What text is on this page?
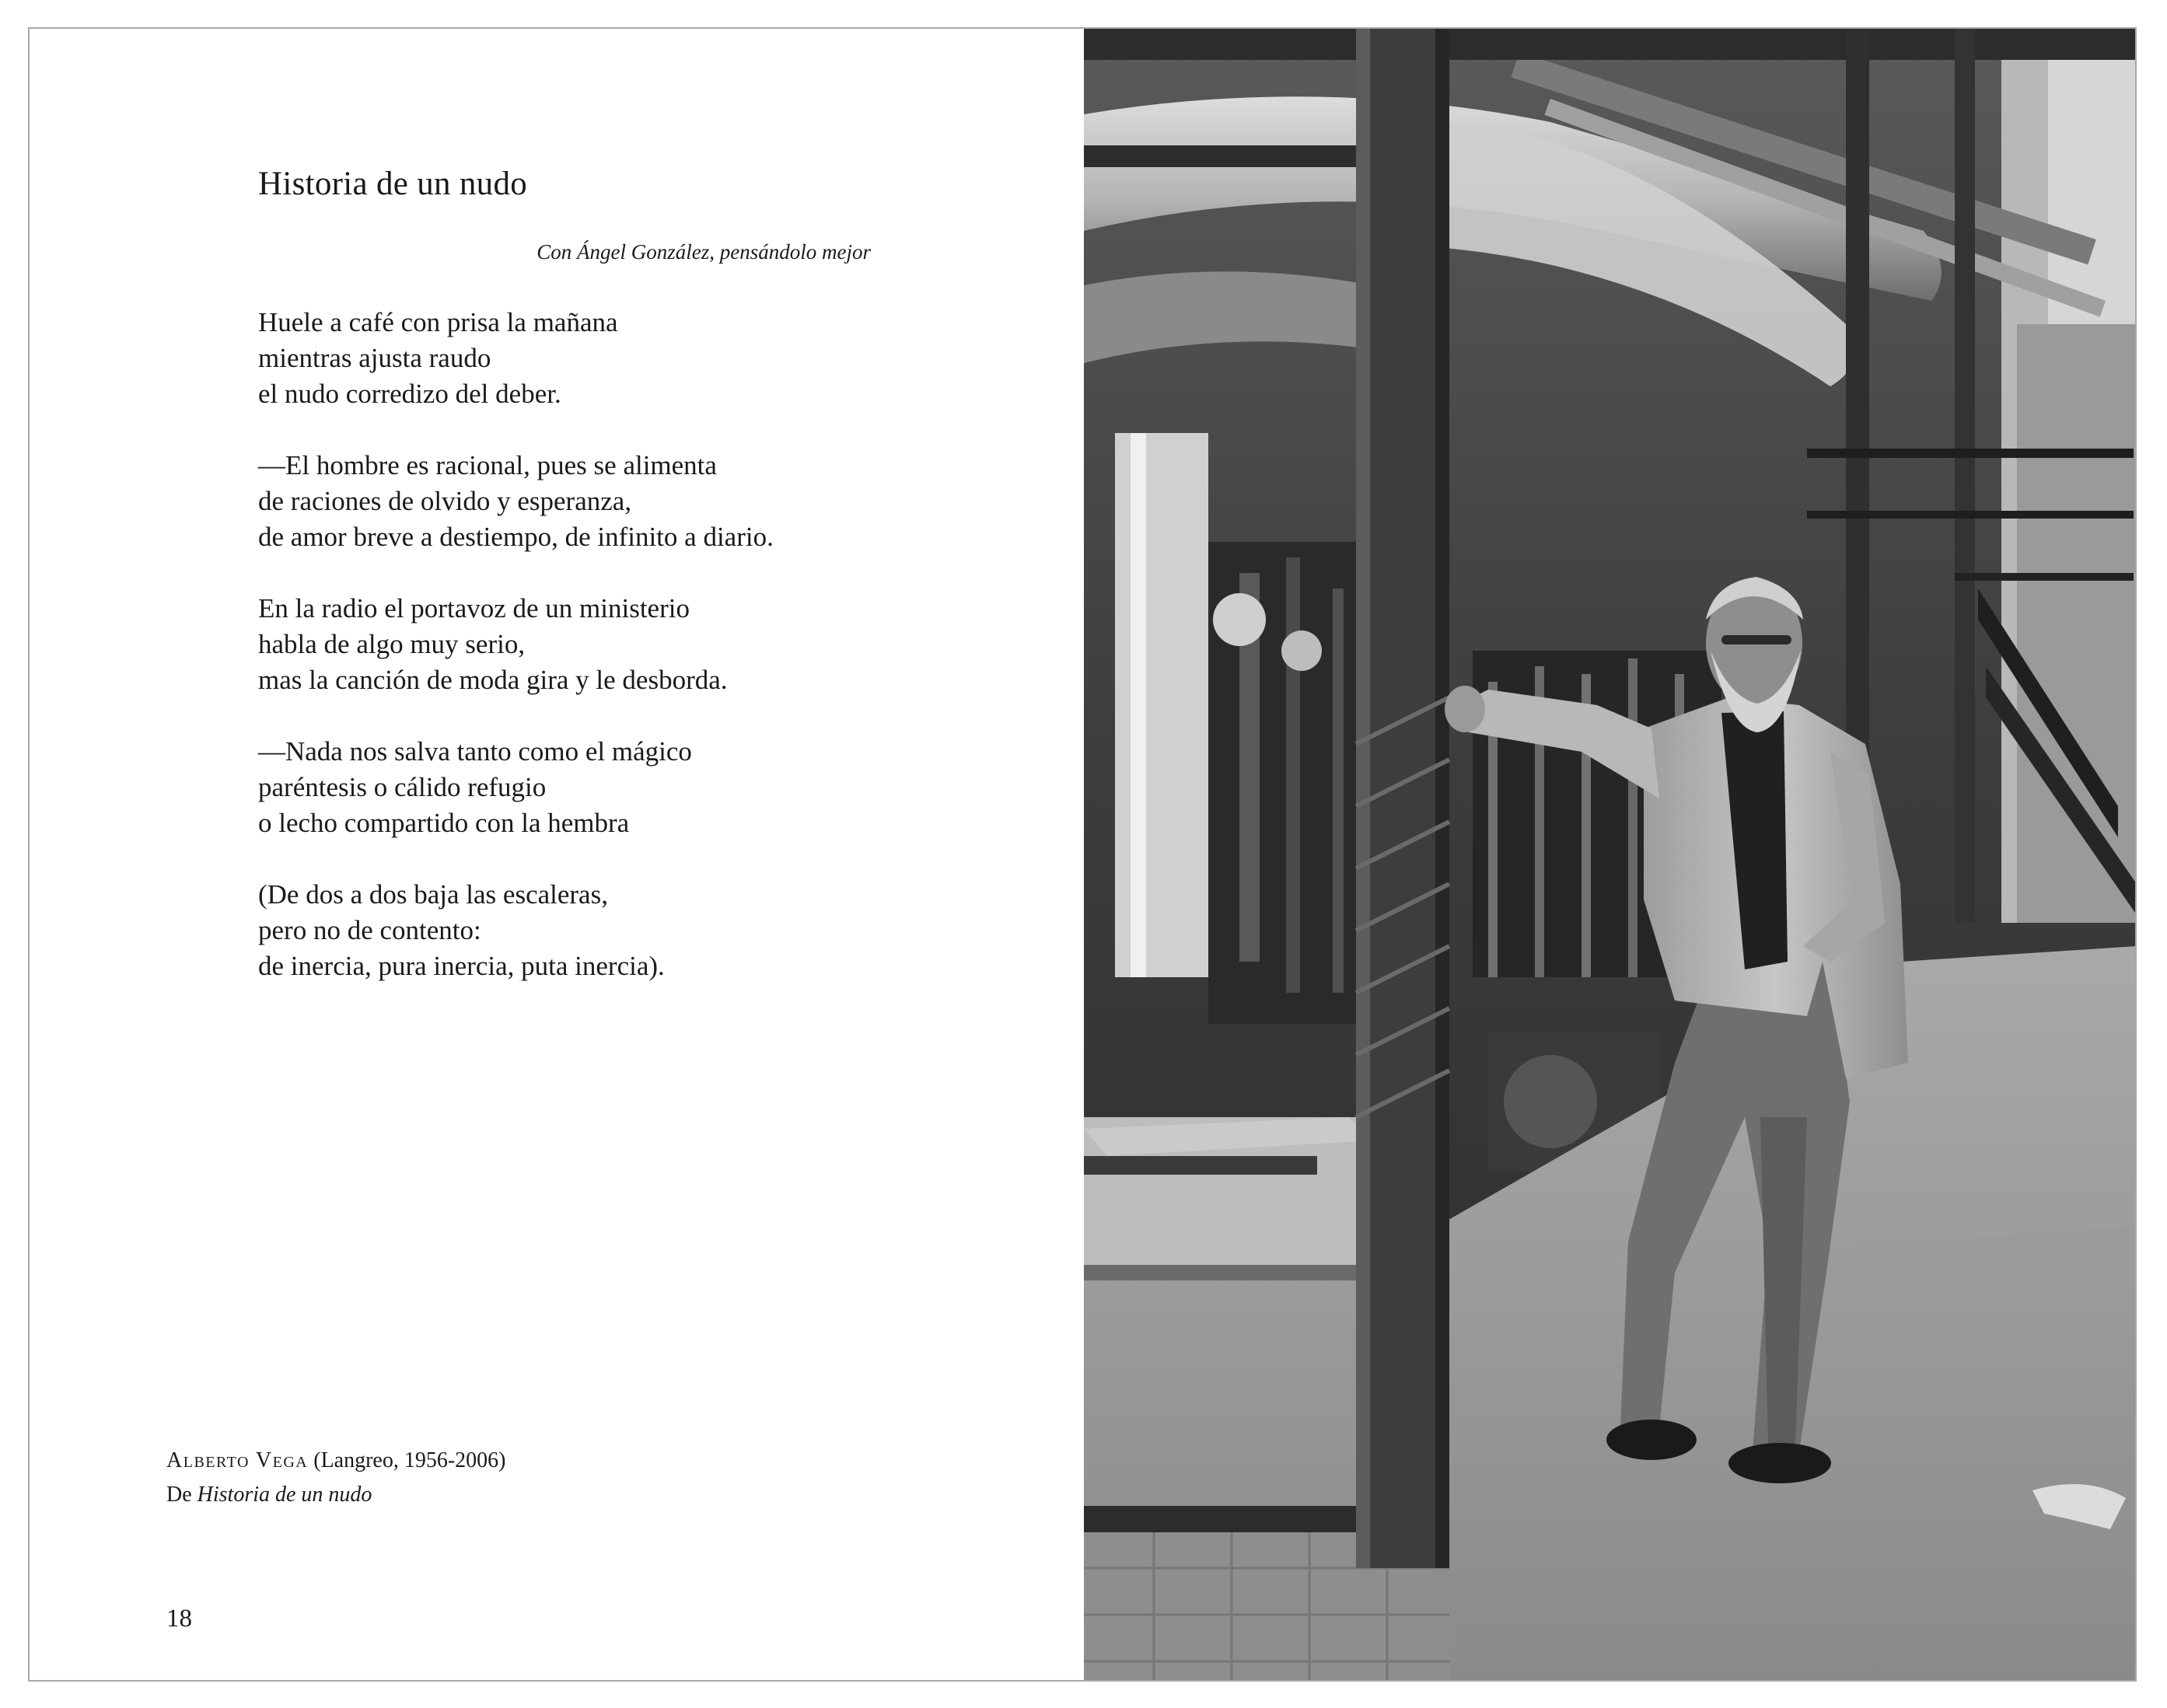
Historia de un nudo
Con Ángel González, pensándolo mejor
Huele a café con prisa la mañana
mientras ajusta raudo
el nudo corredizo del deber.
—El hombre es racional, pues se alimenta
de raciones de olvido y esperanza,
de amor breve a destiempo, de infinito a diario.
En la radio el portavoz de un ministerio
habla de algo muy serio,
mas la canción de moda gira y le desborda.
—Nada nos salva tanto como el mágico
paréntesis o cálido refugio
o lecho compartido con la hembra
(De dos a dos baja las escaleras,
pero no de contento:
de inercia, pura inercia, puta inercia).
Alberto Vega (Langreo, 1956-2006)
De Historia de un nudo
18
